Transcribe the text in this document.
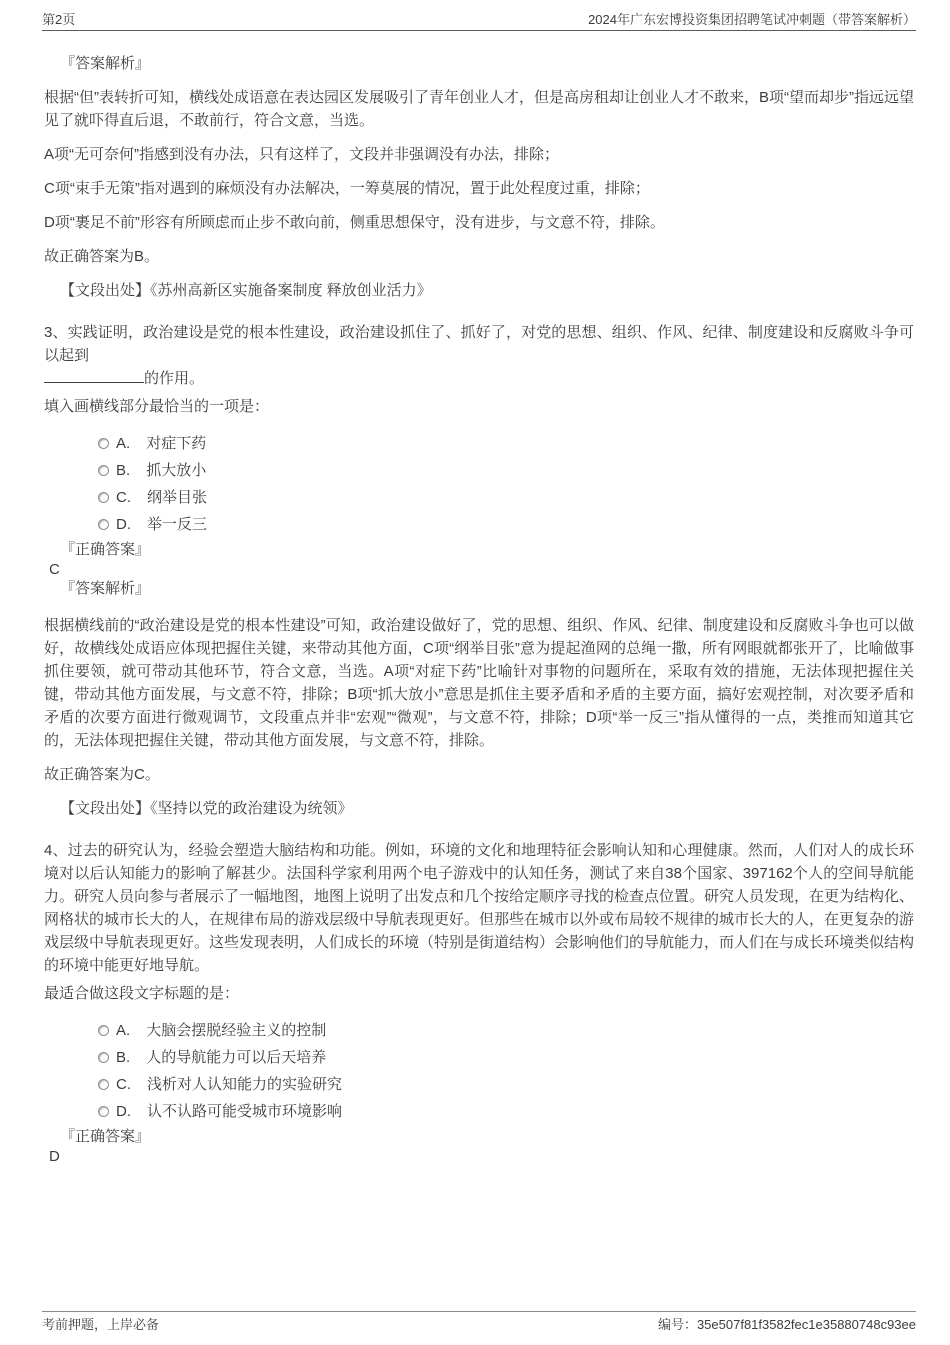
第2页	2024年广东宏博投资集团招聘笔试冲刺题（带答案解析）
『答案解析』

根据“但”表转折可知，横线处成语意在表达园区发展吸引了青年创业人才，但是高房租却让创业人才不敢来，B项“望而却步”指远远望见了就吓得直后退，不敢前行，符合文意，当选。

A项“无可奈何”指感到没有办法，只有这样了，文段并非强调没有办法，排除；

C项“束手无策”指对遇到的麻烦没有办法解决，一筹莫展的情况，置于此处程度过重，排除；

D项“裹足不前”形容有所顾虑而止步不敢向前，侧重思想保守，没有进步，与文意不符，排除。

故正确答案为B。

【文段出处】《苏州高新区实施备案制度 释放创业活力》

3、实践证明，政治建设是党的根本性建设，政治建设抓住了、抓好了，对党的思想、组织、作风、纪律、制度建设和反腐败斗争可以起到

的作用。

填入画横线部分最恰当的一项是：

A. 对症下药
B. 抓大放小
C. 纲举目张
D. 举一反三
『正确答案』
C
『答案解析』

根据横线前的“政治建设是党的根本性建设”可知，政治建设做好了，党的思想、组织、作风、纪律、制度建设和反腐败斗争也可以做好，故横线处成语应体现把握住关键，来带动其他方面，C项“纲举目张”意为提起渔网的总绳一撒，所有网眼就都张开了，比喻做事抓住要领，就可带动其他环节，符合文意，当选。A项“对症下药”比喻针对事物的问题所在，采取有效的措施，无法体现把握住关键，带动其他方面发展，与文意不符，排除；B项“抓大放小”意思是抓住主要矛盾和矛盾的主要方面，搞好宏观控制，对次要矛盾和矛盾的次要方面进行微观调节，文段重点并非“宏观”“微观”，与文意不符，排除；D项“举一反三”指从懂得的一点，类推而知道其它的，无法体现把握住关键，带动其他方面发展，与文意不符，排除。

故正确答案为C。

【文段出处】《坚持以党的政治建设为统领》

4、过去的研究认为，经验会塑造大脑结构和功能。例如，环境的文化和地理特征会影响认知和心理健康。然而，人们对人的成长环境对以后认知能力的影响了解甚少。法国科学家利用两个电子游戏中的认知任务，测试了来自38个国家、397162个人的空间导航能力。研究人员向参与者展示了一幅地图，地图上说明了出发点和几个按给定顺序寻找的检查点位置。研究人员发现，在更为结构化、网格状的城市长大的人，在规律布局的游戏层级中导航表现更好。但那些在城市以外或布局较不规律的城市长大的人，在更复杂的游戏层级中导航表现更好。这些发现表明，人们成长的环境（特别是街道结构）会影响他们的导航能力，而人们在与成长环境类似结构的环境中能更好地导航。

最适合做这段文字标题的是：

A. 大脑会摆脱经验主义的控制
B. 人的导航能力可以后天培养
C. 浅析对人认知能力的实验研究
D. 认不认路可能受城市环境影响
『正确答案』
D
考前押题，上岸必备	编号：35e507f81f3582fec1e35880748c93ee
